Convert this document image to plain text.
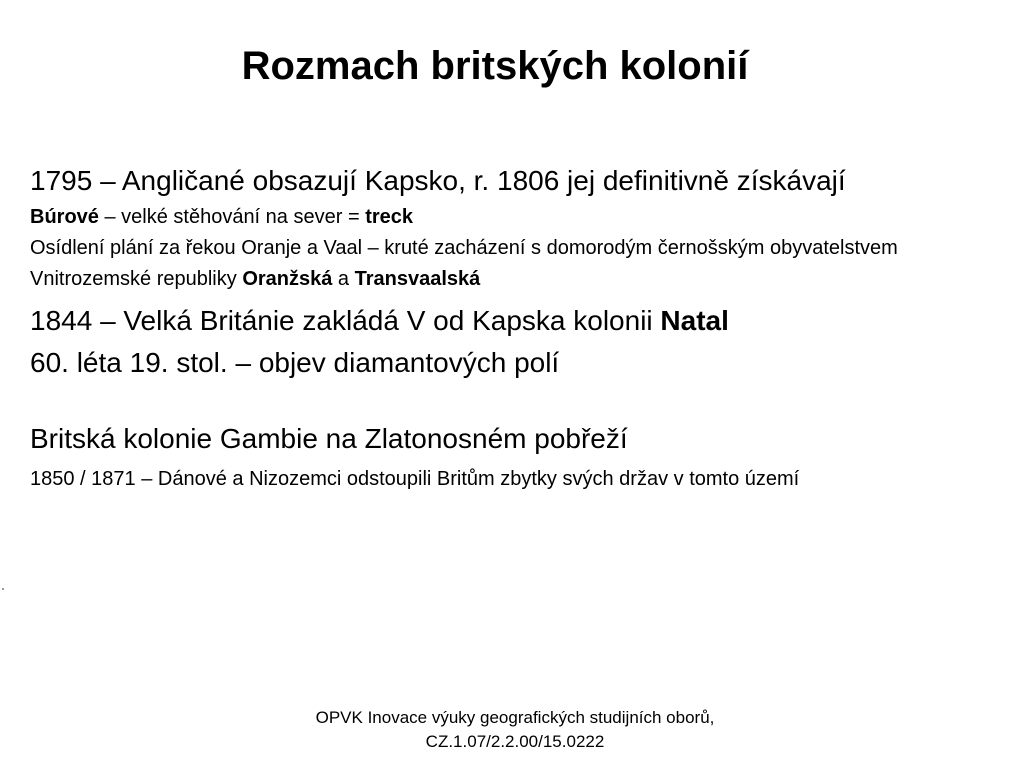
Rozmach britských kolonií

1795 – Angličané obsazují Kapsko, r. 1806 jej definitivně získávají

Búrové – velké stěhování na sever = treck

Osídlení plání za řekou Oranje a Vaal – kruté zacházení s domorodým černošským obyvatelstvem

Vnitrozemské republiky Oranžská a Transvaalská

1844 – Velká Británie zakládá V od Kapska kolonii Natal

60. léta 19. stol. – objev diamantových polí

Britská kolonie Gambie na Zlatonosném pobřeží

1850 / 1871 – Dánové a Nizozemci odstoupili Britům zbytky svých držav v tomto území

OPVK Inovace výuky geografických studijních oborů,
CZ.1.07/2.2.00/15.0222
